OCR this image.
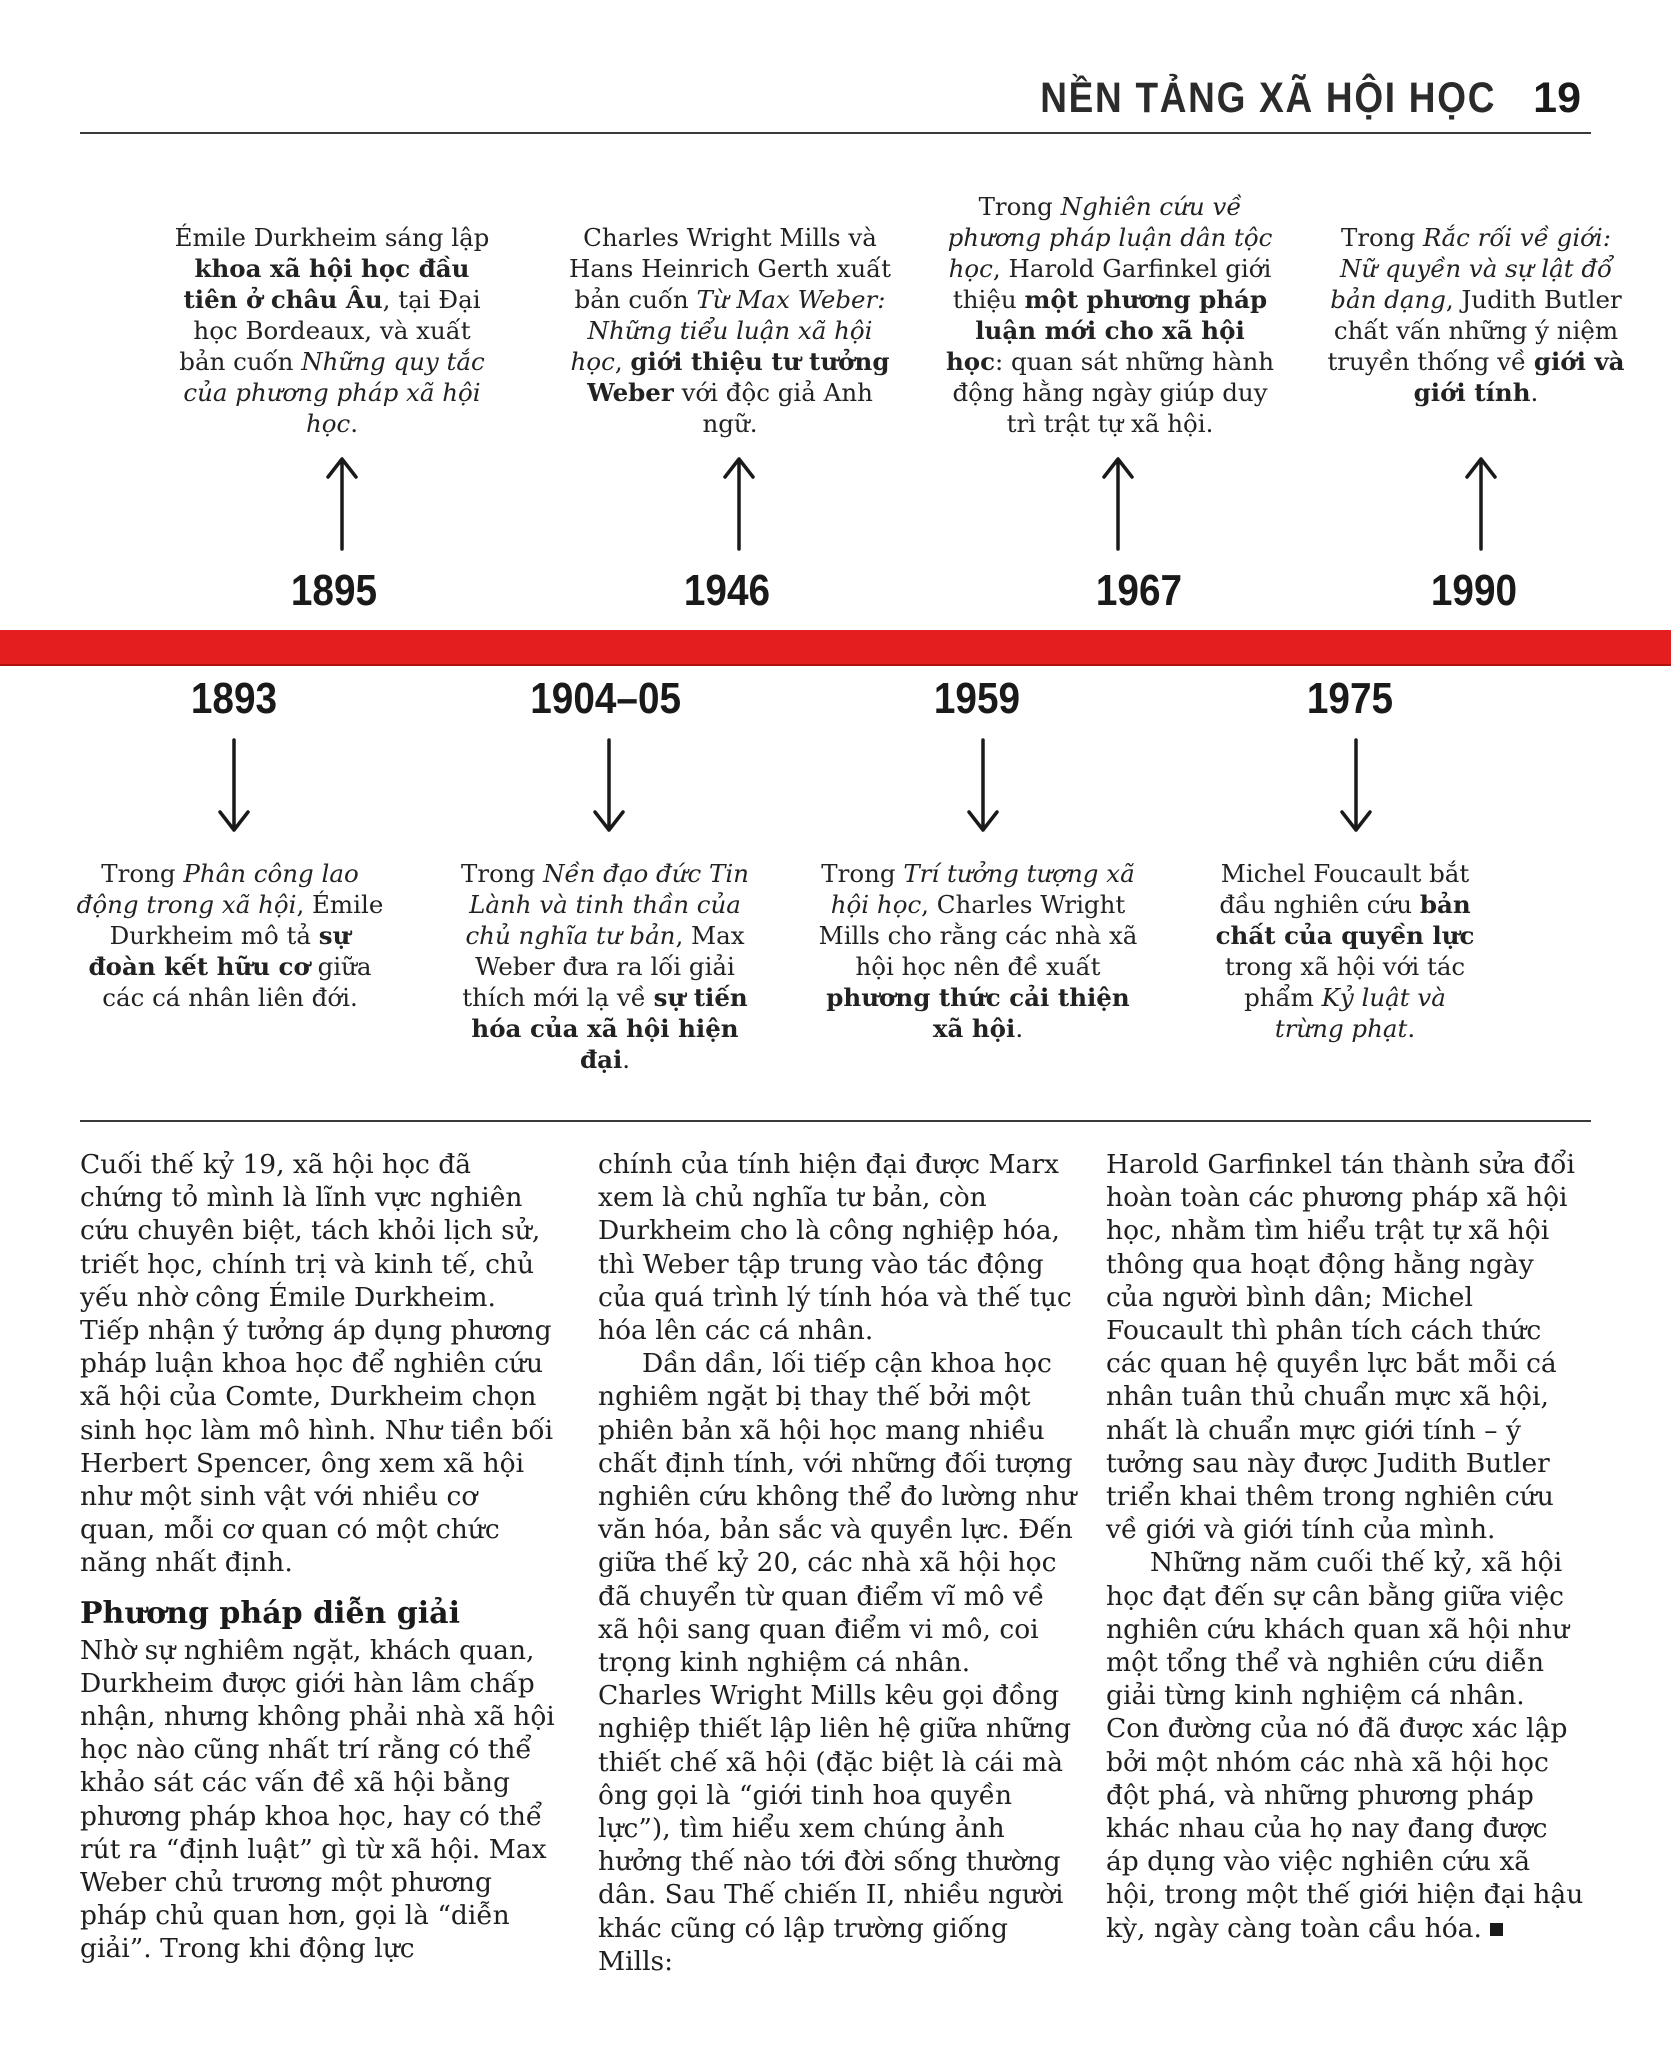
NỀN TẢNG XÃ HỘI HỌC 19
Émile Durkheim sáng lập khoa xã hội học đầu tiên ở châu Âu, tại Đại học Bordeaux, và xuất bản cuốn Những quy tắc của phương pháp xã hội học.
Charles Wright Mills và Hans Heinrich Gerth xuất bản cuốn Từ Max Weber: Những tiểu luận xã hội học, giới thiệu tư tưởng Weber với độc giả Anh ngữ.
Trong Nghiên cứu về phương pháp luận dân tộc học, Harold Garfinkel giới thiệu một phương pháp luận mới cho xã hội học: quan sát những hành động hằng ngày giúp duy trì trật tự xã hội.
Trong Rắc rối về giới: Nữ quyền và sự lật đổ bản dạng, Judith Butler chất vấn những ý niệm truyền thống về giới và giới tính.
1895	1946	1967	1990
1893	1904–05	1959	1975
Trong Phân công lao động trong xã hội, Émile Durkheim mô tả sự đoàn kết hữu cơ giữa các cá nhân liên đới.
Trong Nền đạo đức Tin Lành và tinh thần của chủ nghĩa tư bản, Max Weber đưa ra lối giải thích mới lạ về sự tiến hóa của xã hội hiện đại.
Trong Trí tưởng tượng xã hội học, Charles Wright Mills cho rằng các nhà xã hội học nên đề xuất phương thức cải thiện xã hội.
Michel Foucault bắt đầu nghiên cứu bản chất của quyền lực trong xã hội với tác phẩm Kỷ luật và trừng phạt.

Cuối thế kỷ 19, xã hội học đã chứng tỏ mình là lĩnh vực nghiên cứu chuyên biệt, tách khỏi lịch sử, triết học, chính trị và kinh tế, chủ yếu nhờ công Émile Durkheim. Tiếp nhận ý tưởng áp dụng phương pháp luận khoa học để nghiên cứu xã hội của Comte, Durkheim chọn sinh học làm mô hình. Như tiền bối Herbert Spencer, ông xem xã hội như một sinh vật với nhiều cơ quan, mỗi cơ quan có một chức năng nhất định.

Phương pháp diễn giải

Nhờ sự nghiêm ngặt, khách quan, Durkheim được giới hàn lâm chấp nhận, nhưng không phải nhà xã hội học nào cũng nhất trí rằng có thể khảo sát các vấn đề xã hội bằng phương pháp khoa học, hay có thể rút ra “định luật” gì từ xã hội. Max Weber chủ trương một phương pháp chủ quan hơn, gọi là “diễn giải”. Trong khi động lực

chính của tính hiện đại được Marx xem là chủ nghĩa tư bản, còn Durkheim cho là công nghiệp hóa, thì Weber tập trung vào tác động của quá trình lý tính hóa và thế tục hóa lên các cá nhân.

Dần dần, lối tiếp cận khoa học nghiêm ngặt bị thay thế bởi một phiên bản xã hội học mang nhiều chất định tính, với những đối tượng nghiên cứu không thể đo lường như văn hóa, bản sắc và quyền lực. Đến giữa thế kỷ 20, các nhà xã hội học đã chuyển từ quan điểm vĩ mô về xã hội sang quan điểm vi mô, coi trọng kinh nghiệm cá nhân. Charles Wright Mills kêu gọi đồng nghiệp thiết lập liên hệ giữa những thiết chế xã hội (đặc biệt là cái mà ông gọi là “giới tinh hoa quyền lực”), tìm hiểu xem chúng ảnh hưởng thế nào tới đời sống thường dân. Sau Thế chiến II, nhiều người khác cũng có lập trường giống Mills:

Harold Garfinkel tán thành sửa đổi hoàn toàn các phương pháp xã hội học, nhằm tìm hiểu trật tự xã hội thông qua hoạt động hằng ngày của người bình dân; Michel Foucault thì phân tích cách thức các quan hệ quyền lực bắt mỗi cá nhân tuân thủ chuẩn mực xã hội, nhất là chuẩn mực giới tính – ý tưởng sau này được Judith Butler triển khai thêm trong nghiên cứu về giới và giới tính của mình.

Những năm cuối thế kỷ, xã hội học đạt đến sự cân bằng giữa việc nghiên cứu khách quan xã hội như một tổng thể và nghiên cứu diễn giải từng kinh nghiệm cá nhân. Con đường của nó đã được xác lập bởi một nhóm các nhà xã hội học đột phá, và những phương pháp khác nhau của họ nay đang được áp dụng vào việc nghiên cứu xã hội, trong một thế giới hiện đại hậu kỳ, ngày càng toàn cầu hóa.
